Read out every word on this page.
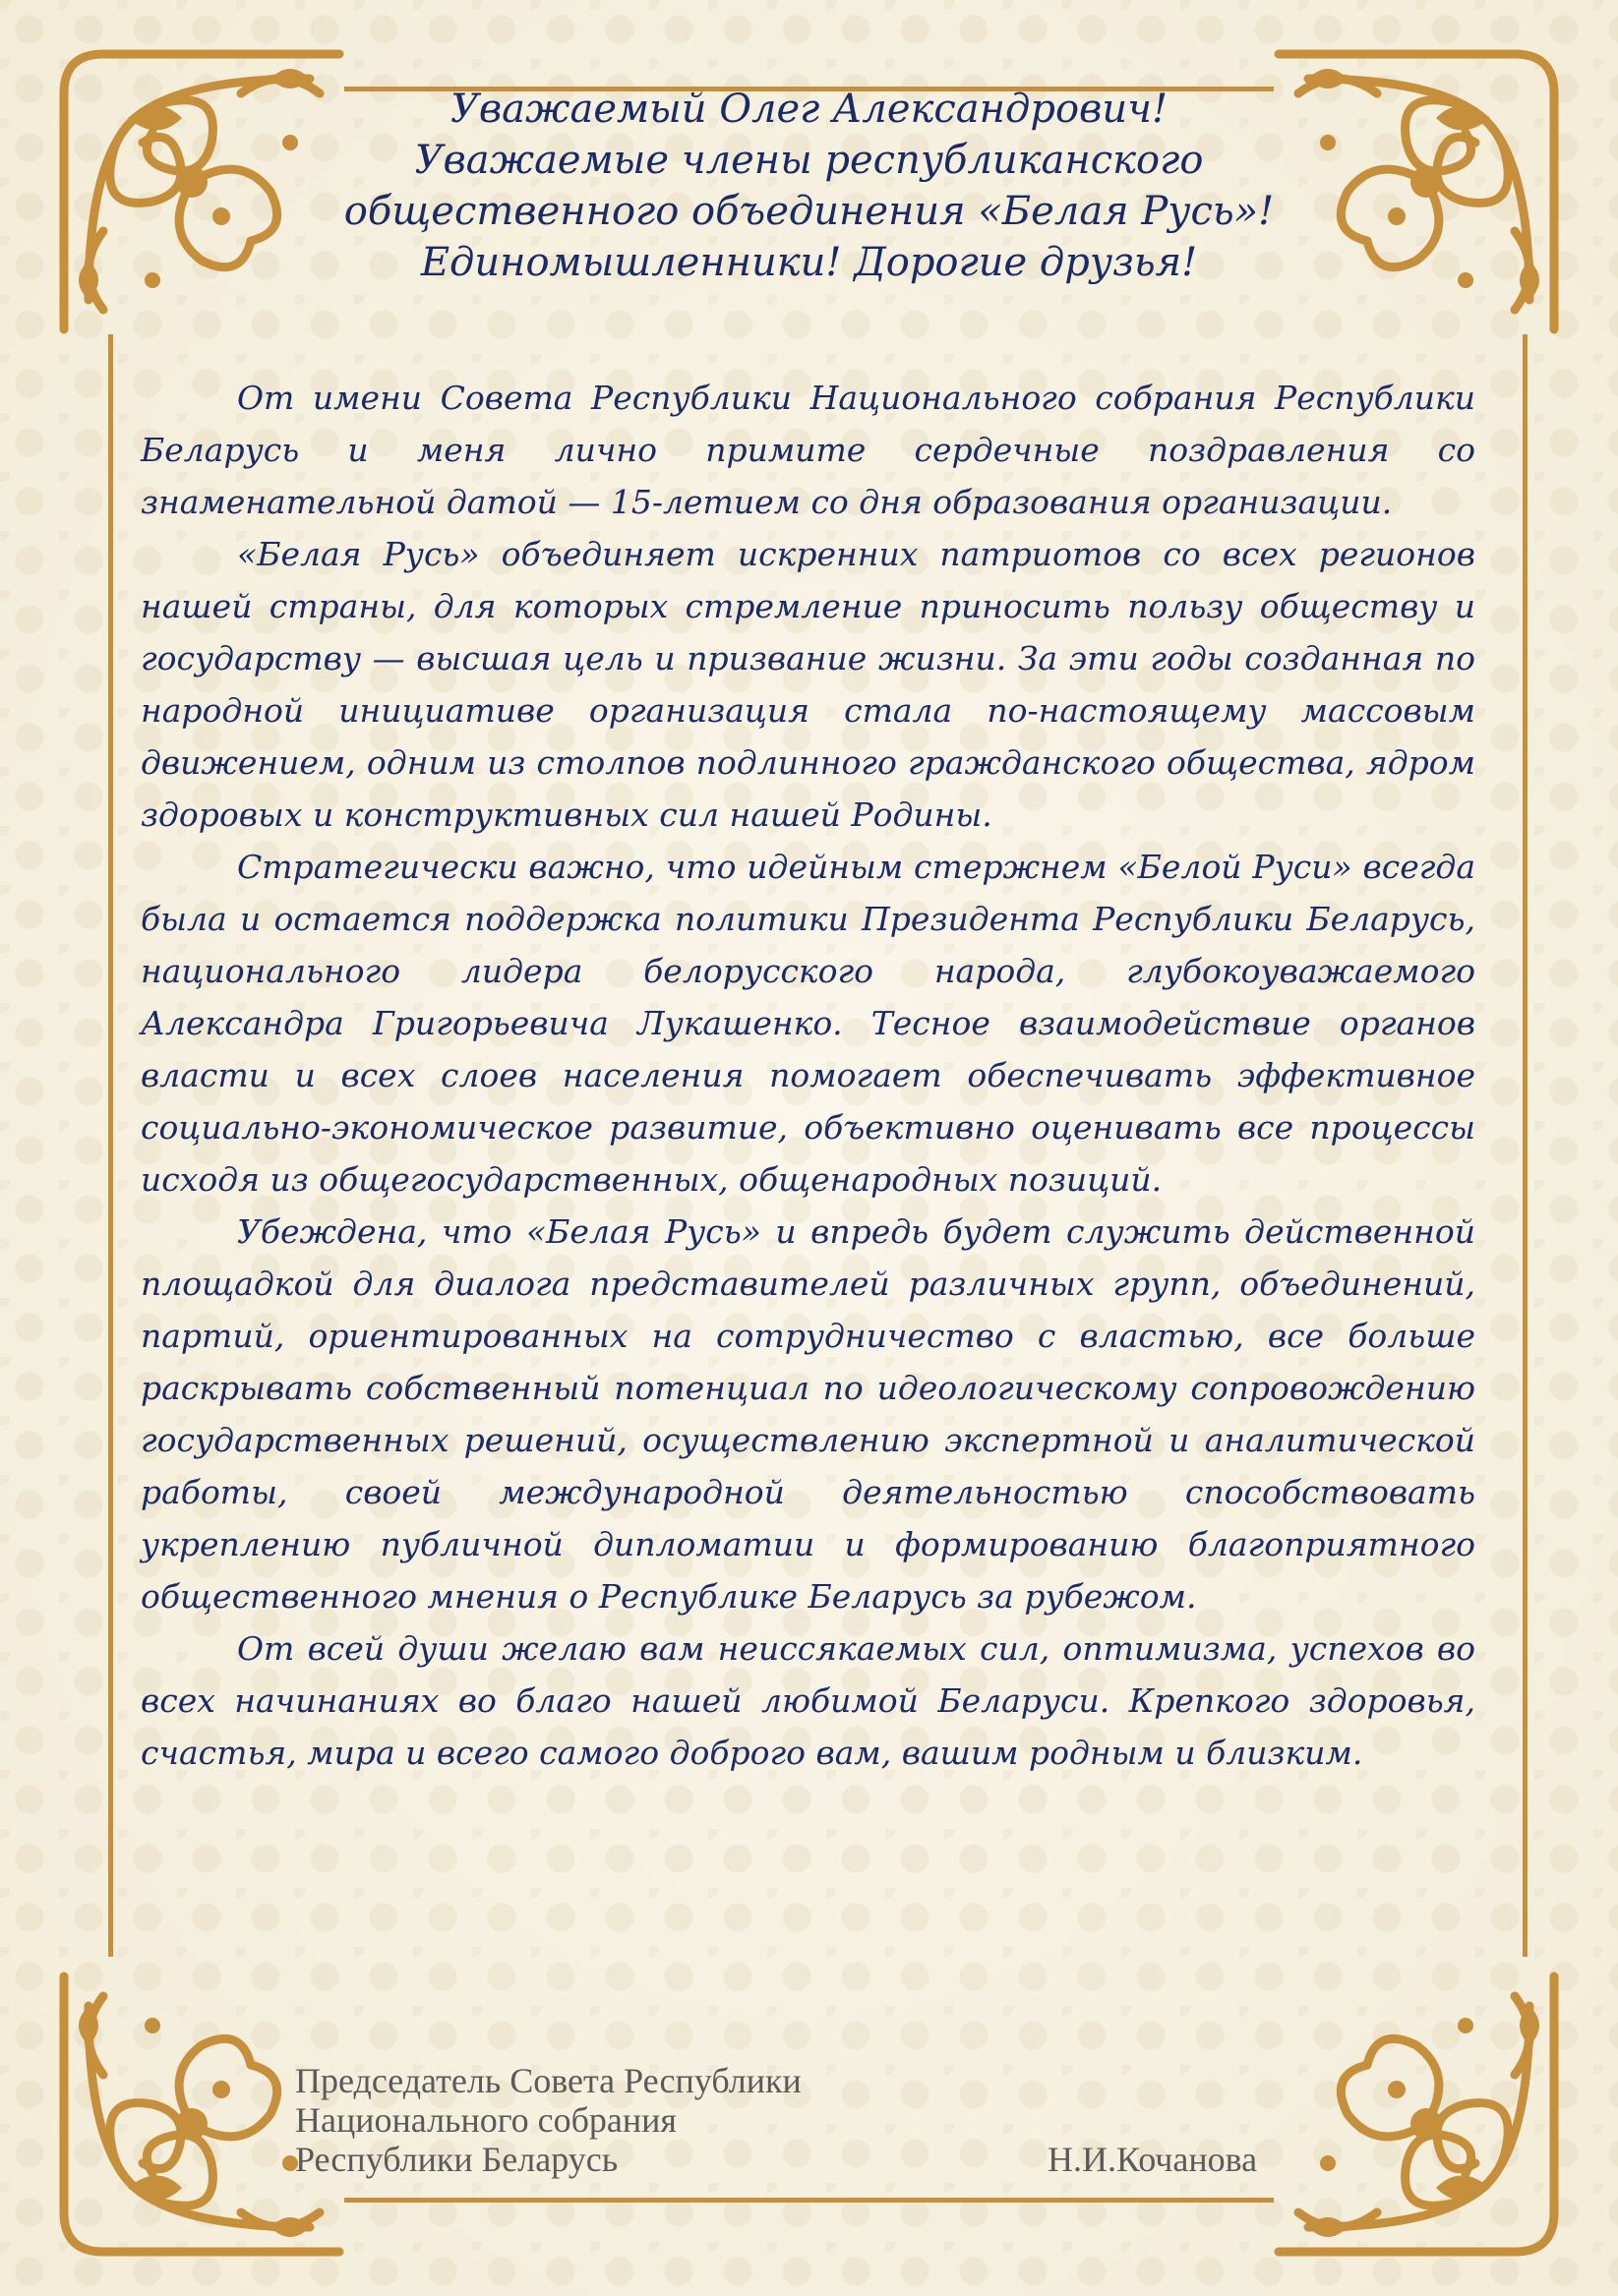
Уважаемый Олег Александрович!
Уважаемые члены республиканского
общественного объединения «Белая Русь»!
Единомышленники! Дорогие друзья!

От имени Совета Республики Национального собрания Республики Беларусь и меня лично примите сердечные поздравления со знаменательной датой — 15-летием со дня образования организации.

«Белая Русь» объединяет искренних патриотов со всех регионов нашей страны, для которых стремление приносить пользу обществу и государству — высшая цель и призвание жизни. За эти годы созданная по народной инициативе организация стала по-настоящему массовым движением, одним из столпов подлинного гражданского общества, ядром здоровых и конструктивных сил нашей Родины.

Стратегически важно, что идейным стержнем «Белой Руси» всегда была и остается поддержка политики Президента Республики Беларусь, национального лидера белорусского народа, глубокоуважаемого Александра Григорьевича Лукашенко. Тесное взаимодействие органов власти и всех слоев населения помогает обеспечивать эффективное социально-экономическое развитие, объективно оценивать все процессы исходя из общегосударственных, общенародных позиций.

Убеждена, что «Белая Русь» и впредь будет служить действенной площадкой для диалога представителей различных групп, объединений, партий, ориентированных на сотрудничество с властью, все больше раскрывать собственный потенциал по идеологическому сопровождению государственных решений, осуществлению экспертной и аналитической работы, своей международной деятельностью способствовать укреплению публичной дипломатии и формированию благоприятного общественного мнения о Республике Беларусь за рубежом.

От всей души желаю вам неиссякаемых сил, оптимизма, успехов во всех начинаниях во благо нашей любимой Беларуси. Крепкого здоровья, счастья, мира и всего самого доброго вам, вашим родным и близким.

Председатель Совета Республики
Национального собрания
Республики Беларусь	Н.И.Кочанова
